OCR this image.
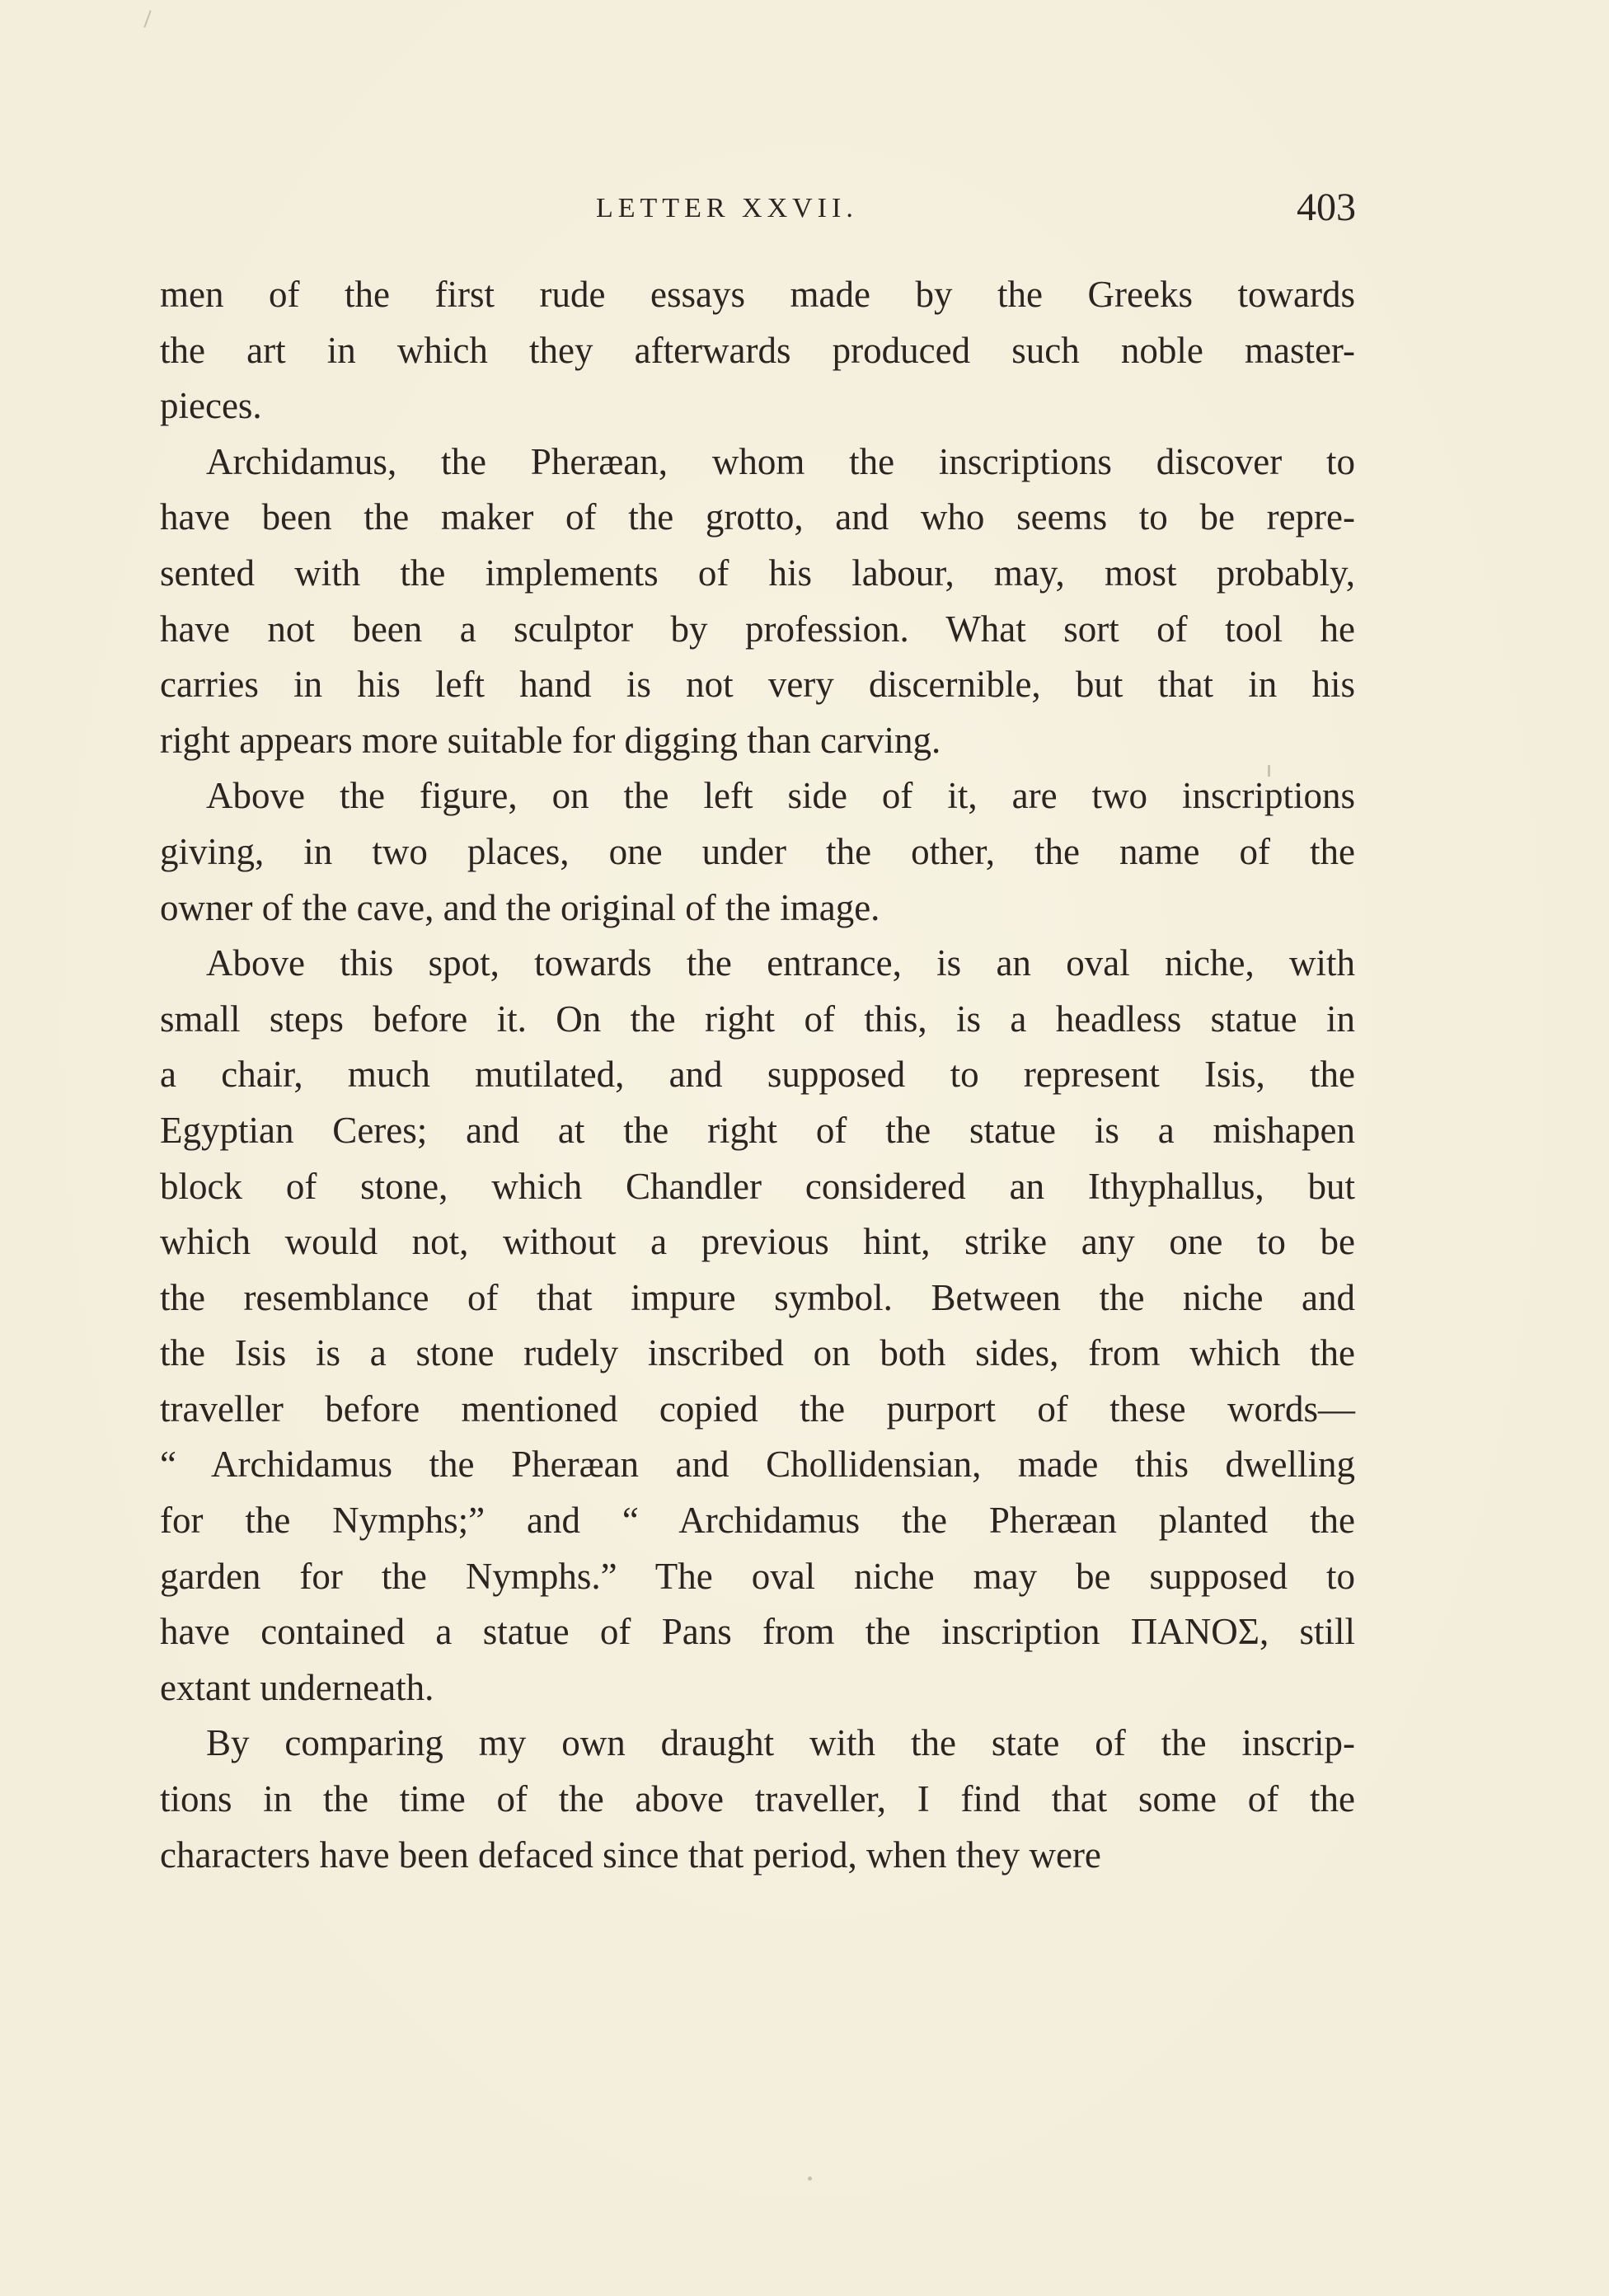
LETTER XXVII.	403
men of the first rude essays made by the Greeks towards
the art in which they afterwards produced such noble master-
pieces.
Archidamus, the Pheræan, whom the inscriptions discover to
have been the maker of the grotto, and who seems to be repre-
sented with the implements of his labour, may, most probably,
have not been a sculptor by profession. What sort of tool he
carries in his left hand is not very discernible, but that in his
right appears more suitable for digging than carving.
Above the figure, on the left side of it, are two inscriptions
giving, in two places, one under the other, the name of the
owner of the cave, and the original of the image.
Above this spot, towards the entrance, is an oval niche, with
small steps before it. On the right of this, is a headless statue in
a chair, much mutilated, and supposed to represent Isis, the
Egyptian Ceres; and at the right of the statue is a mishapen
block of stone, which Chandler considered an Ithyphallus, but
which would not, without a previous hint, strike any one to be
the resemblance of that impure symbol. Between the niche and
the Isis is a stone rudely inscribed on both sides, from which the
traveller before mentioned copied the purport of these words—
“ Archidamus the Pheræan and Chollidensian, made this dwelling
for the Nymphs;” and “ Archidamus the Pheræan planted the
garden for the Nymphs.” The oval niche may be supposed to
have contained a statue of Pans from the inscription ΠΑΝΟΣ, still
extant underneath.
By comparing my own draught with the state of the inscrip-
tions in the time of the above traveller, I find that some of the
characters have been defaced since that period, when they were
